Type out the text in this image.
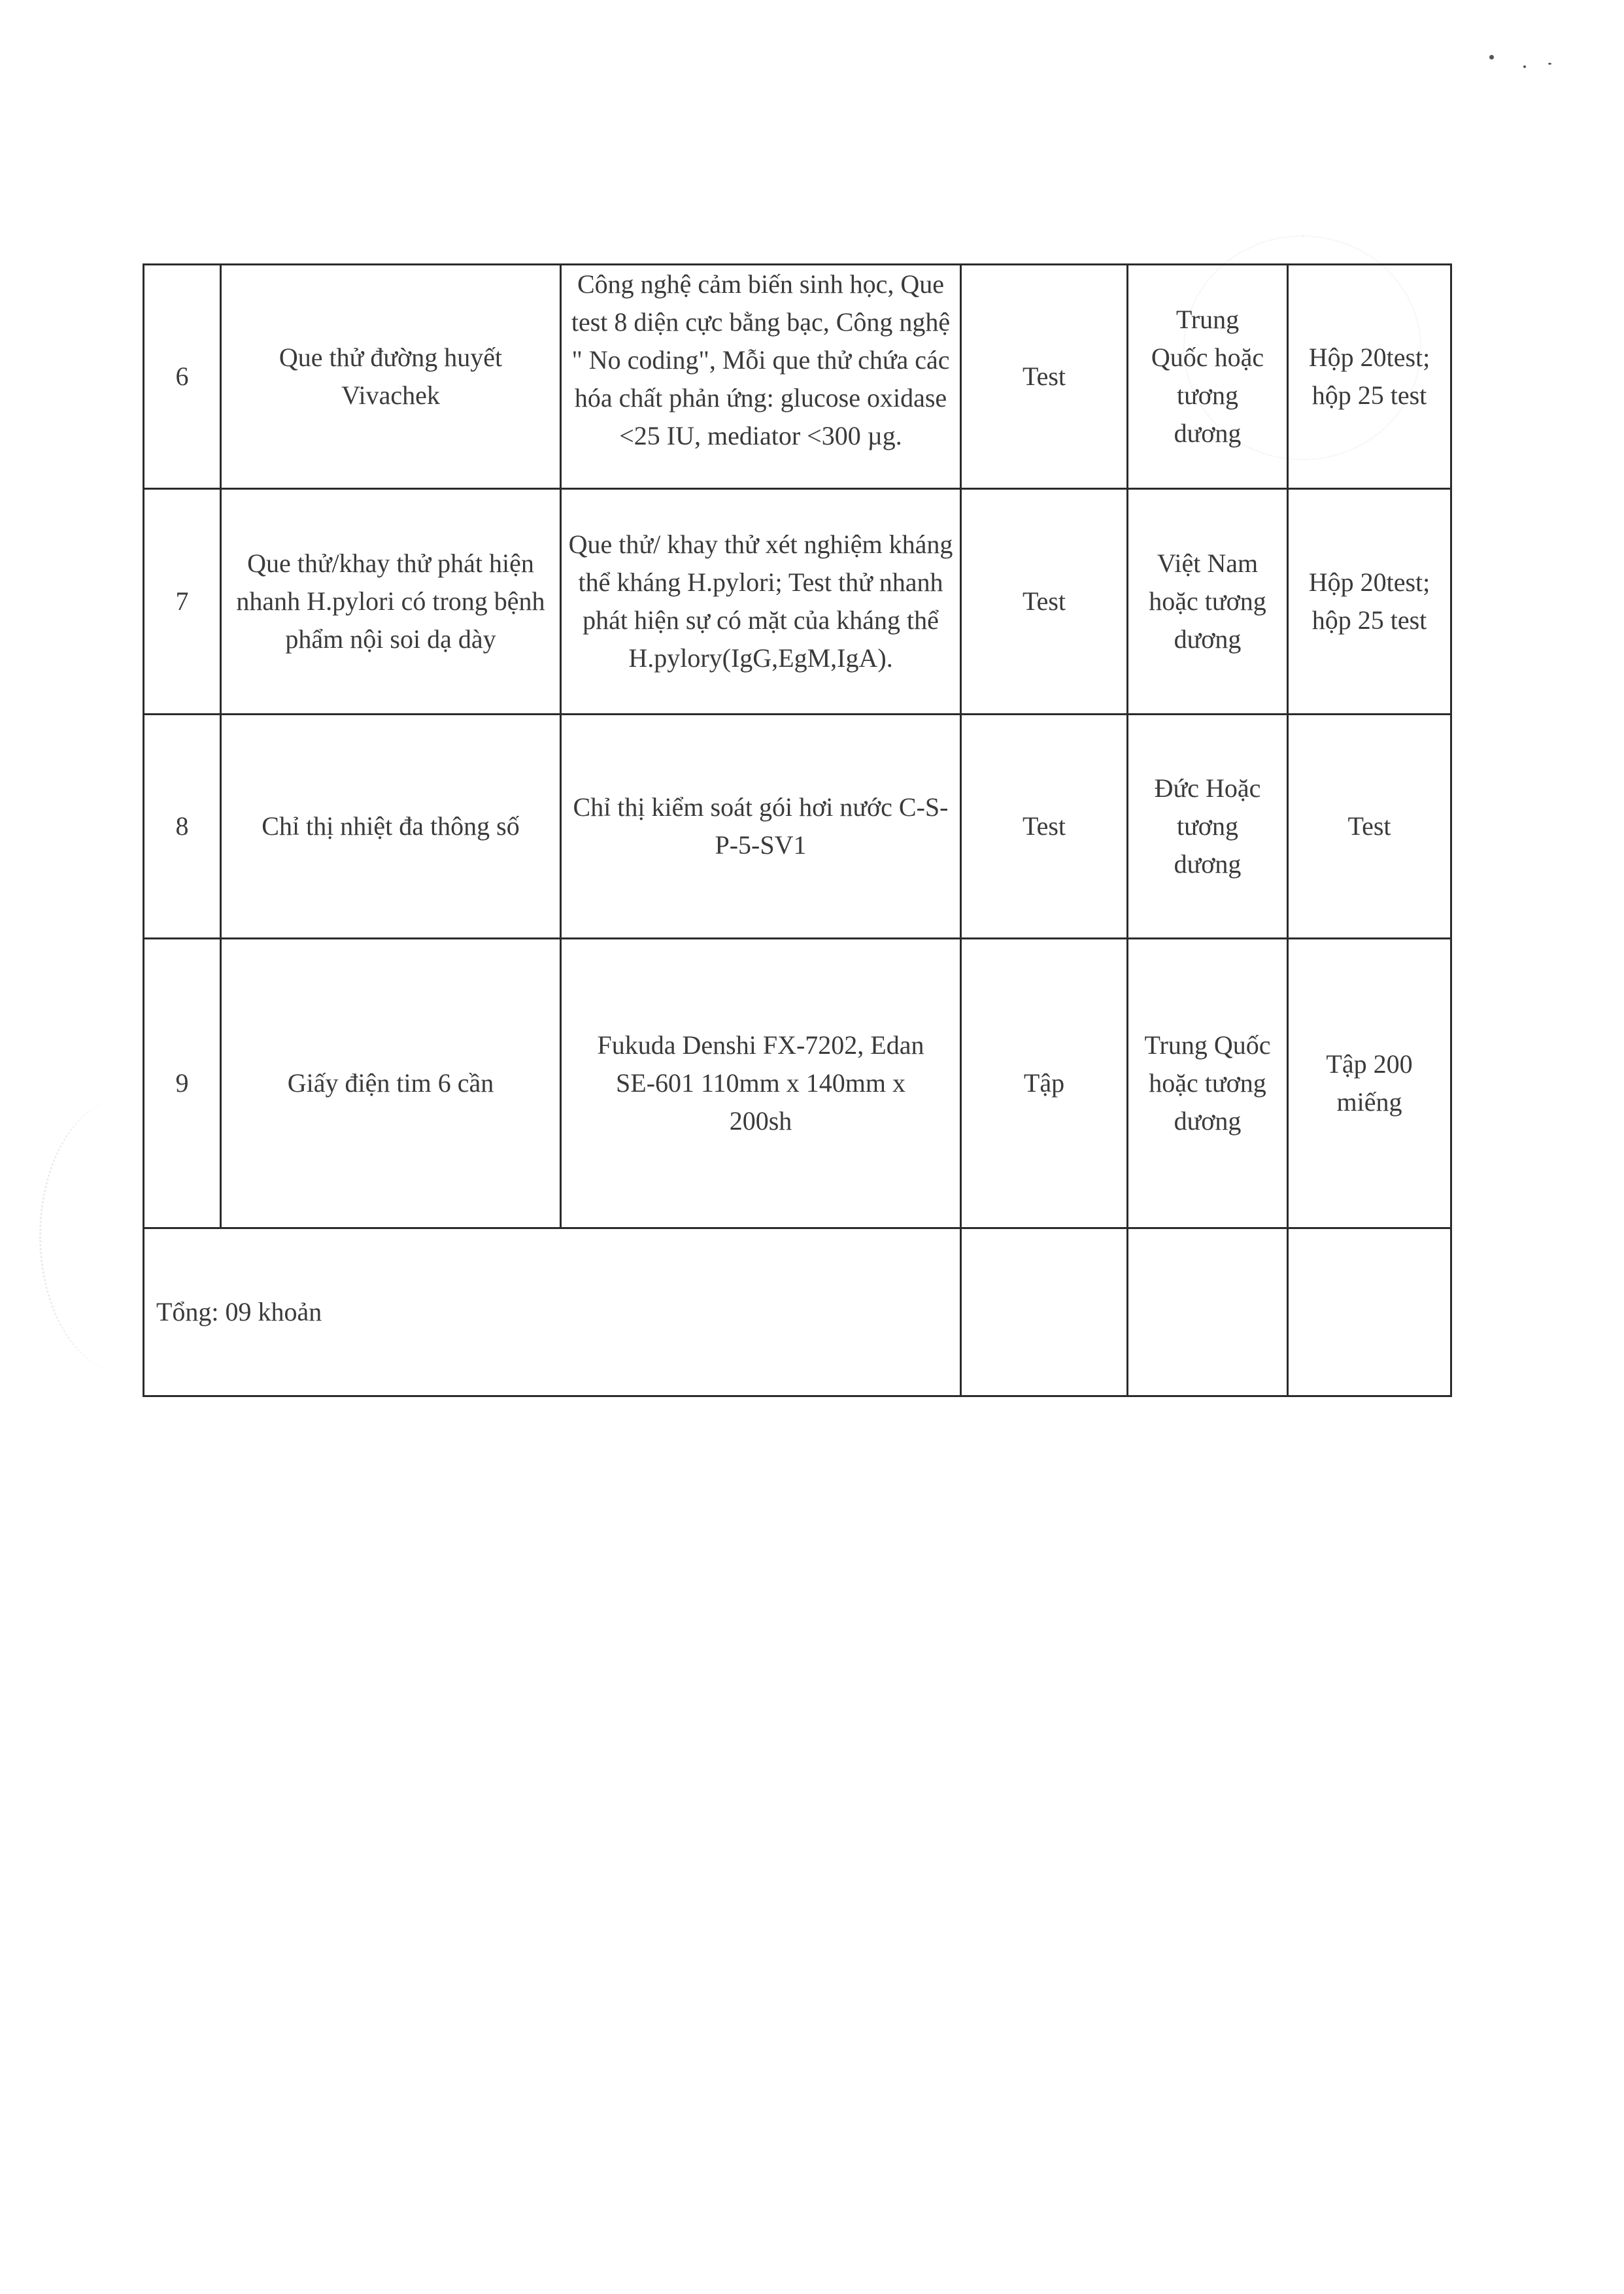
6	Que thử đường huyết Vivachek	Công nghệ cảm biến sinh học, Que test 8 diện cực bằng bạc, Công nghệ " No coding", Mỗi que thử chứa các hóa chất phản ứng: glucose oxidase <25 IU, mediator <300 µg.	Test	Trung Quốc hoặc tương dương	Hộp 20test; hộp 25 test

7	Que thử/khay thử phát hiện nhanh H.pylori có trong bệnh phẩm nội soi dạ dày	Que thử/ khay thử xét nghiệm kháng thể kháng H.pylori; Test thử nhanh phát hiện sự có mặt của kháng thể H.pylory(IgG,EgM,IgA).	Test	Việt Nam hoặc tương dương	Hộp 20test; hộp 25 test

8	Chỉ thị nhiệt đa thông số	Chỉ thị kiểm soát gói hơi nước C-S-P-5-SV1	Test	Đức Hoặc tương dương	Test

9	Giấy điện tim 6 cần	Fukuda Denshi FX-7202, Edan SE-601 110mm x 140mm x 200sh	Tập	Trung Quốc hoặc tương dương	Tập 200 miếng

Tổng: 09 khoản					
